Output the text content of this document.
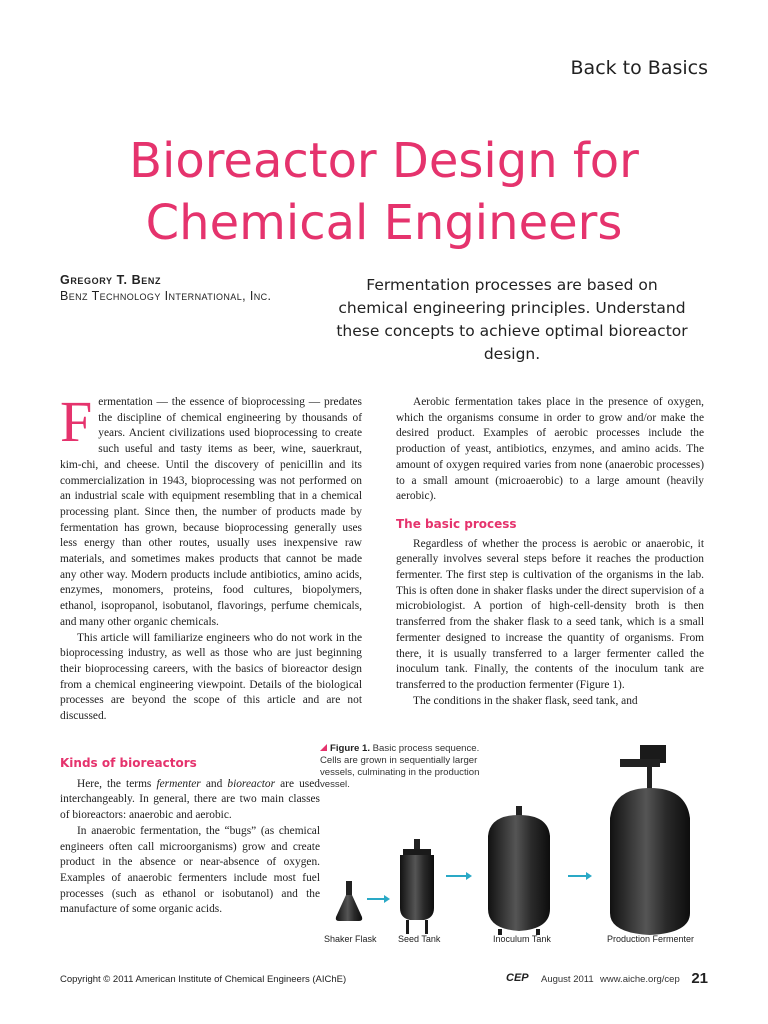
Back to Basics
Bioreactor Design for
Chemical Engineers
Gregory T. Benz
Benz Technology International, Inc.
Fermentation processes are based on chemical engineering principles. Understand these concepts to achieve optimal bioreactor design.

Fermentation — the essence of bioprocessing — predates the discipline of chemical engineering by thousands of years. Ancient civilizations used bioprocessing to create such useful and tasty items as beer, wine, sauerkraut, kim-chi, and cheese. Until the discovery of penicillin and its commercialization in 1943, bioprocessing was not performed on an industrial scale with equipment resembling that in a chemical processing plant. Since then, the number of products made by fermentation has grown, because bioprocessing generally uses less energy than other routes, usually uses inexpensive raw materials, and sometimes makes products that cannot be made any other way. Modern products include antibiotics, amino acids, enzymes, monomers, proteins, food cultures, biopolymers, ethanol, isopropanol, isobutanol, flavorings, perfume chemicals, and many other organic chemicals.

This article will familiarize engineers who do not work in the bioprocessing industry, as well as those who are just beginning their bioprocessing careers, with the basics of bioreactor design from a chemical engineering viewpoint. Details of the biological processes are beyond the scope of this article and are not discussed.

Kinds of bioreactors

Here, the terms fermenter and bioreactor are used interchangeably. In general, there are two main classes of bioreactors: anaerobic and aerobic.

In anaerobic fermentation, the “bugs” (as chemical engineers often call microorganisms) grow and create product in the absence or near-absence of oxygen. Examples of anaerobic fermenters include most fuel processes (such as ethanol or isobutanol) and the manufacture of some organic acids.

Aerobic fermentation takes place in the presence of oxygen, which the organisms consume in order to grow and/or make the desired product. Examples of aerobic processes include the production of yeast, antibiotics, enzymes, and amino acids. The amount of oxygen required varies from none (anaerobic processes) to a small amount (microaerobic) to a large amount (heavily aerobic).

The basic process

Regardless of whether the process is aerobic or anaerobic, it generally involves several steps before it reaches the production fermenter. The first step is cultivation of the organisms in the lab. This is often done in shaker flasks under the direct supervision of a microbiologist. A portion of high-cell-density broth is then transferred from the shaker flask to a seed tank, which is a small fermenter designed to increase the quantity of organisms. From there, it is usually transferred to a larger fermenter called the inoculum tank. Finally, the contents of the inoculum tank are transferred to the production fermenter (Figure 1).

The conditions in the shaker flask, seed tank, and

Figure 1. Basic process sequence. Cells are grown in sequentially larger vessels, culminating in the production vessel.
Shaker Flask Seed Tank	Inoculum Tank	Production Fermenter
Copyright © 2011 American Institute of Chemical Engineers (AIChE)	CEP August 2011 www.aiche.org/cep 21
